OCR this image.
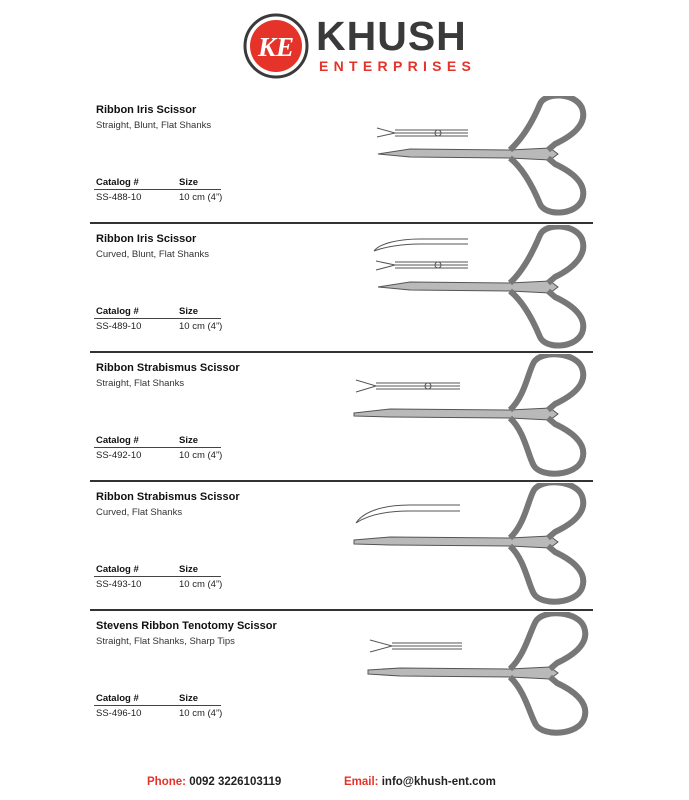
KE KHUSH
ENTERPRISES
Ribbon Iris Scissor
Straight, Blunt, Flat Shanks
Catalog #	Size
SS-488-10	10 cm (4”)
Ribbon Iris Scissor
Curved, Blunt, Flat Shanks
Catalog #	Size
SS-489-10	10 cm (4”)
Ribbon Strabismus Scissor
Straight, Flat Shanks
Catalog #	Size
SS-492-10	10 cm (4”)
Ribbon Strabismus Scissor
Curved, Flat Shanks
Catalog #	Size
SS-493-10	10 cm (4”)
Stevens Ribbon Tenotomy Scissor
Straight, Flat Shanks, Sharp Tips
Catalog #	Size
SS-496-10	10 cm (4”)
Phone: 0092 3226103119	Email: info@khush-ent.com
